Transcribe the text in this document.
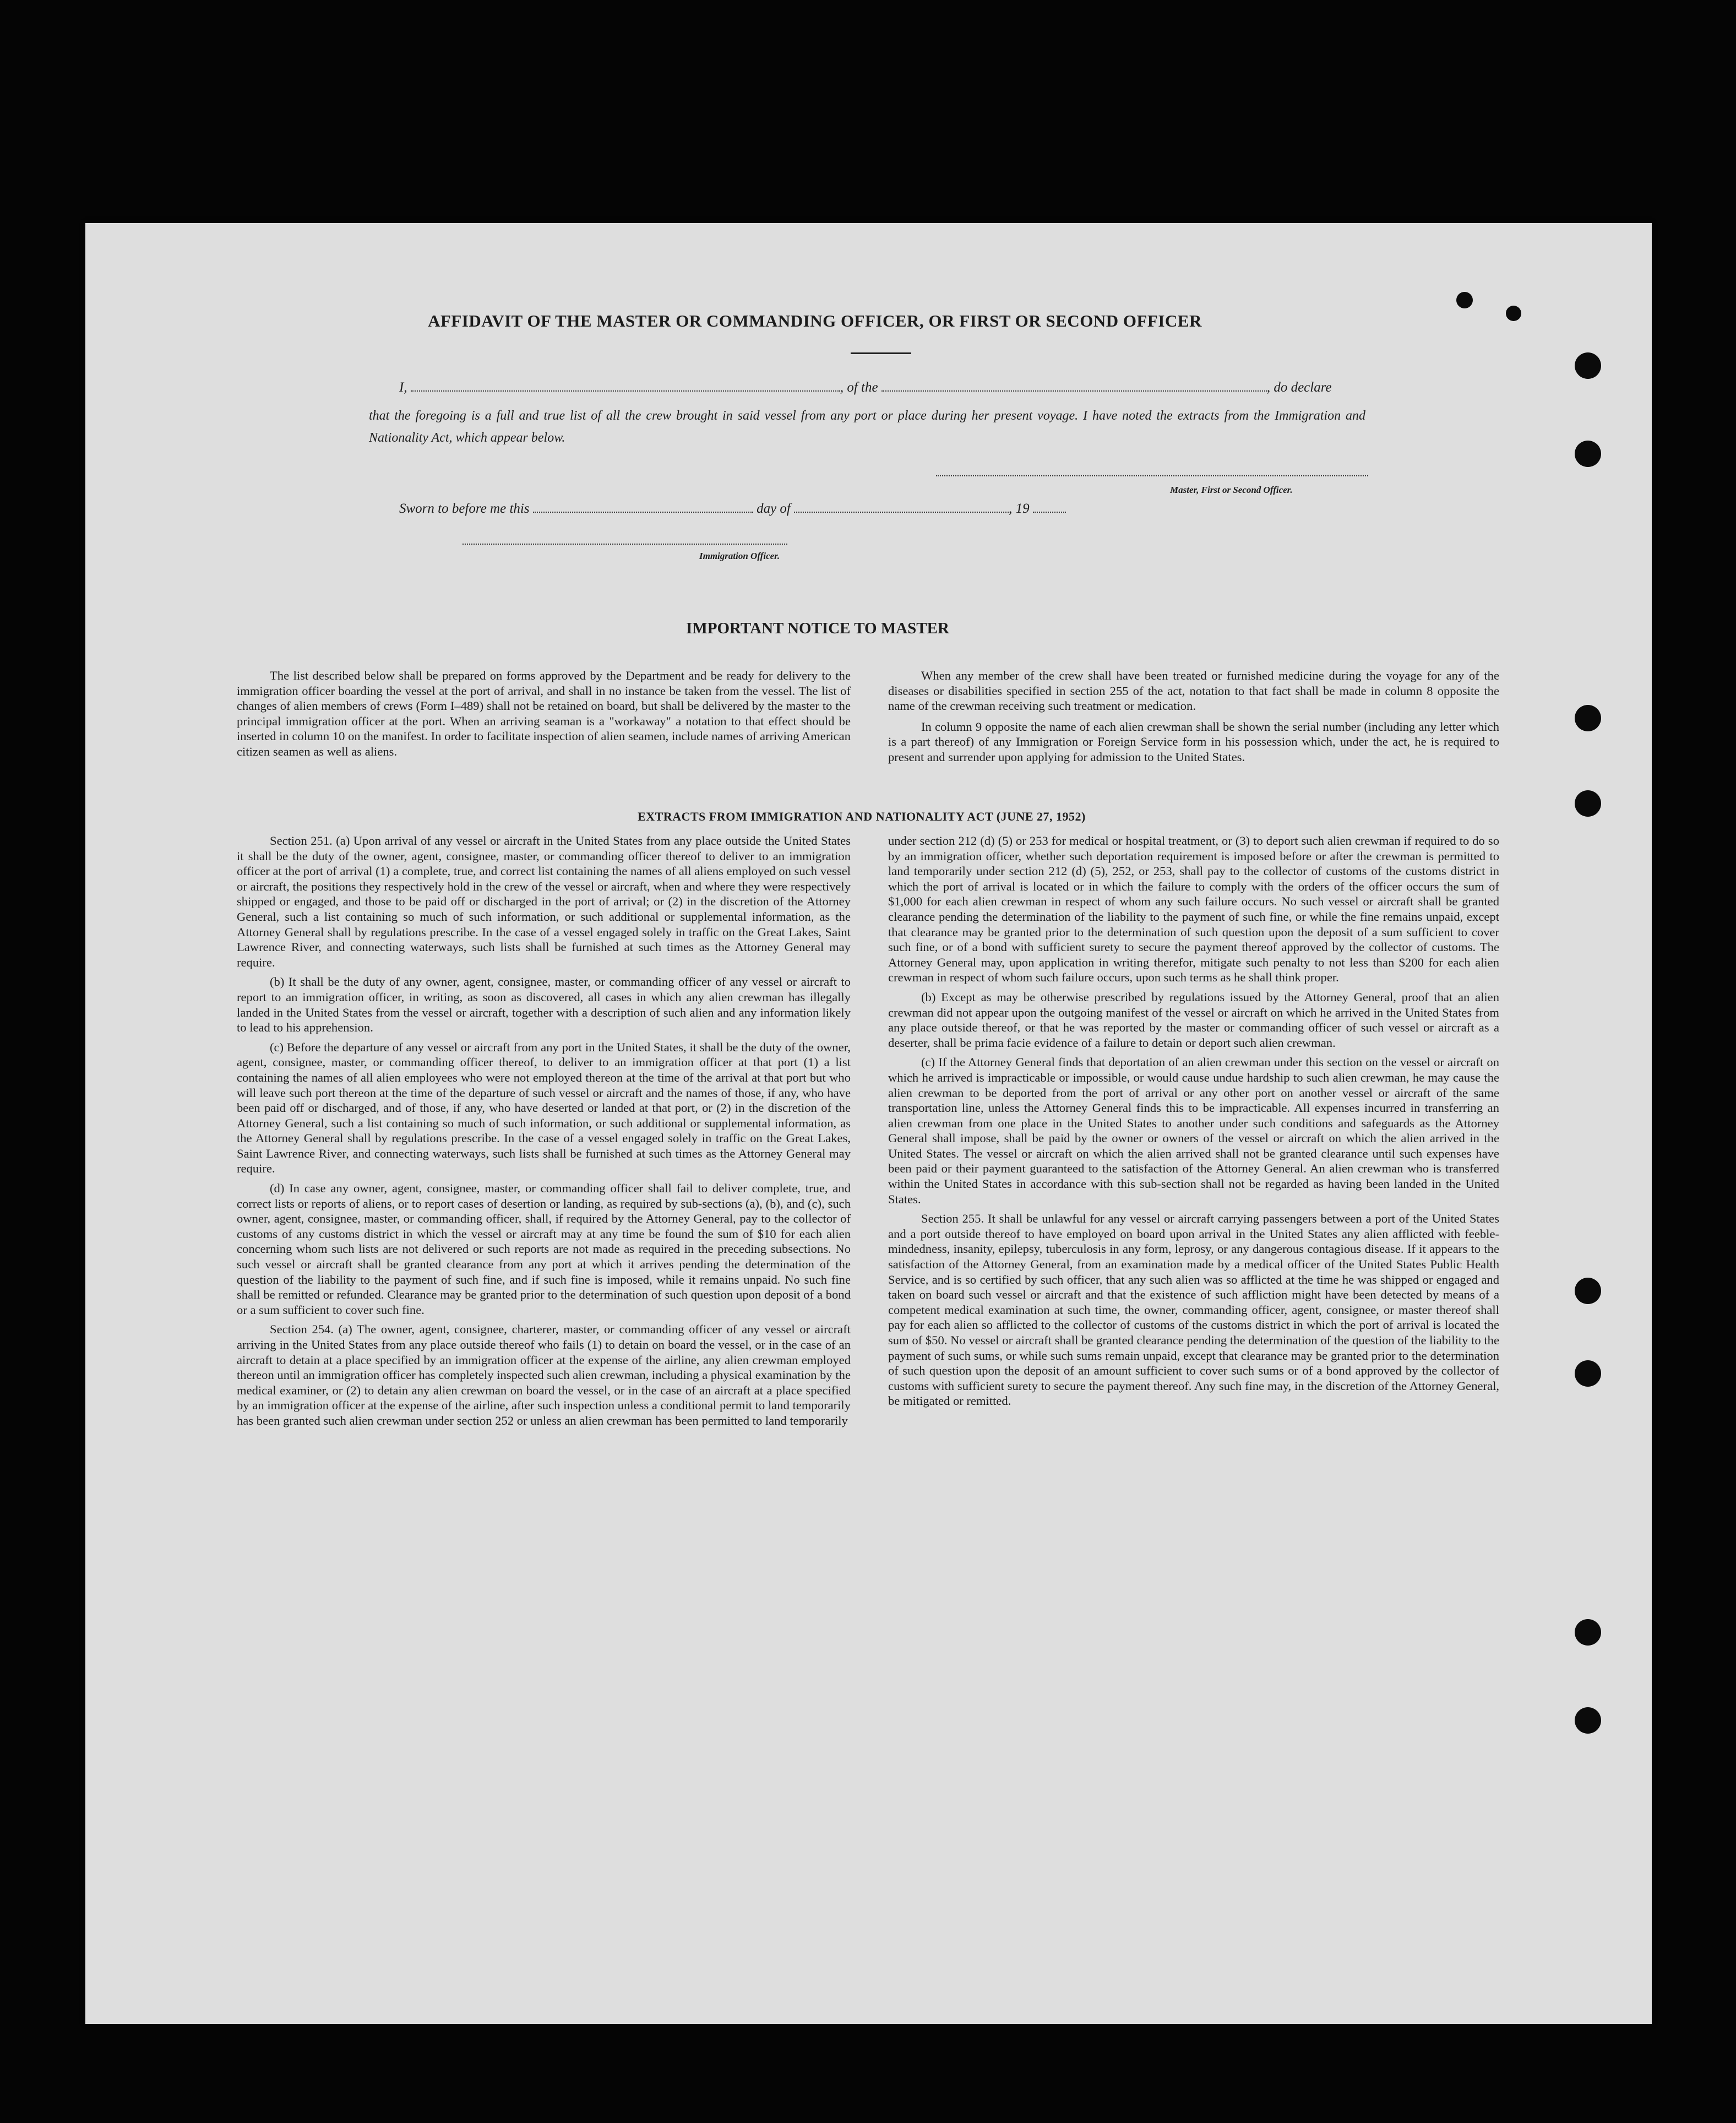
AFFIDAVIT OF THE MASTER OR COMMANDING OFFICER, OR FIRST OR SECOND OFFICER
I,	, of the	, do declare
that the foregoing is a full and true list of all the crew brought in said vessel from any port or place during her present voyage. I have noted the extracts from the Immigration and Nationality Act, which appear below.
Master, First or Second Officer.
Sworn to before me this	day of	, 19
Immigration Officer.
IMPORTANT NOTICE TO MASTER

The list described below shall be prepared on forms approved by the Department and be ready for delivery to the immigration officer boarding the vessel at the port of arrival, and shall in no instance be taken from the vessel. The list of changes of alien members of crews (Form I–489) shall not be retained on board, but shall be delivered by the master to the principal immigration officer at the port. When an arriving seaman is a "workaway" a notation to that effect should be inserted in column 10 on the manifest. In order to facilitate inspection of alien seamen, include names of arriving American citizen seamen as well as aliens.

When any member of the crew shall have been treated or furnished medicine during the voyage for any of the diseases or disabilities specified in section 255 of the act, notation to that fact shall be made in column 8 opposite the name of the crewman receiving such treatment or medication.

In column 9 opposite the name of each alien crewman shall be shown the serial number (including any letter which is a part thereof) of any Immigration or Foreign Service form in his possession which, under the act, he is required to present and surrender upon applying for admission to the United States.

EXTRACTS FROM IMMIGRATION AND NATIONALITY ACT (JUNE 27, 1952)

Section 251. (a) Upon arrival of any vessel or aircraft in the United States from any place outside the United States it shall be the duty of the owner, agent, consignee, master, or commanding officer thereof to deliver to an immigration officer at the port of arrival (1) a complete, true, and correct list containing the names of all aliens employed on such vessel or aircraft, the positions they respectively hold in the crew of the vessel or aircraft, when and where they were respectively shipped or engaged, and those to be paid off or discharged in the port of arrival; or (2) in the discretion of the Attorney General, such a list containing so much of such information, or such additional or supplemental information, as the Attorney General shall by regulations prescribe. In the case of a vessel engaged solely in traffic on the Great Lakes, Saint Lawrence River, and connecting waterways, such lists shall be furnished at such times as the Attorney General may require.

(b) It shall be the duty of any owner, agent, consignee, master, or commanding officer of any vessel or aircraft to report to an immigration officer, in writing, as soon as discovered, all cases in which any alien crewman has illegally landed in the United States from the vessel or aircraft, together with a description of such alien and any information likely to lead to his apprehension.

(c) Before the departure of any vessel or aircraft from any port in the United States, it shall be the duty of the owner, agent, consignee, master, or commanding officer thereof, to deliver to an immigration officer at that port (1) a list containing the names of all alien employees who were not employed thereon at the time of the arrival at that port but who will leave such port thereon at the time of the departure of such vessel or aircraft and the names of those, if any, who have been paid off or discharged, and of those, if any, who have deserted or landed at that port, or (2) in the discretion of the Attorney General, such a list containing so much of such information, or such additional or supplemental information, as the Attorney General shall by regulations prescribe. In the case of a vessel engaged solely in traffic on the Great Lakes, Saint Lawrence River, and connecting waterways, such lists shall be furnished at such times as the Attorney General may require.

(d) In case any owner, agent, consignee, master, or commanding officer shall fail to deliver complete, true, and correct lists or reports of aliens, or to report cases of desertion or landing, as required by sub-sections (a), (b), and (c), such owner, agent, consignee, master, or commanding officer, shall, if required by the Attorney General, pay to the collector of customs of any customs district in which the vessel or aircraft may at any time be found the sum of $10 for each alien concerning whom such lists are not delivered or such reports are not made as required in the preceding subsections. No such vessel or aircraft shall be granted clearance from any port at which it arrives pending the determination of the question of the liability to the payment of such fine, and if such fine is imposed, while it remains unpaid. No such fine shall be remitted or refunded. Clearance may be granted prior to the determination of such question upon deposit of a bond or a sum sufficient to cover such fine.

Section 254. (a) The owner, agent, consignee, charterer, master, or commanding officer of any vessel or aircraft arriving in the United States from any place outside thereof who fails (1) to detain on board the vessel, or in the case of an aircraft to detain at a place specified by an immigration officer at the expense of the airline, any alien crewman employed thereon until an immigration officer has completely inspected such alien crewman, including a physical examination by the medical examiner, or (2) to detain any alien crewman on board the vessel, or in the case of an aircraft at a place specified by an immigration officer at the expense of the airline, after such inspection unless a conditional permit to land temporarily has been granted such alien crewman under section 252 or unless an alien crewman has been permitted to land temporarily

under section 212 (d) (5) or 253 for medical or hospital treatment, or (3) to deport such alien crewman if required to do so by an immigration officer, whether such deportation requirement is imposed before or after the crewman is permitted to land temporarily under section 212 (d) (5), 252, or 253, shall pay to the collector of customs of the customs district in which the port of arrival is located or in which the failure to comply with the orders of the officer occurs the sum of $1,000 for each alien crewman in respect of whom any such failure occurs. No such vessel or aircraft shall be granted clearance pending the determination of the liability to the payment of such fine, or while the fine remains unpaid, except that clearance may be granted prior to the determination of such question upon the deposit of a sum sufficient to cover such fine, or of a bond with sufficient surety to secure the payment thereof approved by the collector of customs. The Attorney General may, upon application in writing therefor, mitigate such penalty to not less than $200 for each alien crewman in respect of whom such failure occurs, upon such terms as he shall think proper.

(b) Except as may be otherwise prescribed by regulations issued by the Attorney General, proof that an alien crewman did not appear upon the outgoing manifest of the vessel or aircraft on which he arrived in the United States from any place outside thereof, or that he was reported by the master or commanding officer of such vessel or aircraft as a deserter, shall be prima facie evidence of a failure to detain or deport such alien crewman.

(c) If the Attorney General finds that deportation of an alien crewman under this section on the vessel or aircraft on which he arrived is impracticable or impossible, or would cause undue hardship to such alien crewman, he may cause the alien crewman to be deported from the port of arrival or any other port on another vessel or aircraft of the same transportation line, unless the Attorney General finds this to be impracticable. All expenses incurred in transferring an alien crewman from one place in the United States to another under such conditions and safeguards as the Attorney General shall impose, shall be paid by the owner or owners of the vessel or aircraft on which the alien arrived in the United States. The vessel or aircraft on which the alien arrived shall not be granted clearance until such expenses have been paid or their payment guaranteed to the satisfaction of the Attorney General. An alien crewman who is transferred within the United States in accordance with this sub-section shall not be regarded as having been landed in the United States.

Section 255. It shall be unlawful for any vessel or aircraft carrying passengers between a port of the United States and a port outside thereof to have employed on board upon arrival in the United States any alien afflicted with feeble-mindedness, insanity, epilepsy, tuberculosis in any form, leprosy, or any dangerous contagious disease. If it appears to the satisfaction of the Attorney General, from an examination made by a medical officer of the United States Public Health Service, and is so certified by such officer, that any such alien was so afflicted at the time he was shipped or engaged and taken on board such vessel or aircraft and that the existence of such affliction might have been detected by means of a competent medical examination at such time, the owner, commanding officer, agent, consignee, or master thereof shall pay for each alien so afflicted to the collector of customs of the customs district in which the port of arrival is located the sum of $50. No vessel or aircraft shall be granted clearance pending the determination of the question of the liability to the payment of such sums, or while such sums remain unpaid, except that clearance may be granted prior to the determination of such question upon the deposit of an amount sufficient to cover such sums or of a bond approved by the collector of customs with sufficient surety to secure the payment thereof. Any such fine may, in the discretion of the Attorney General, be mitigated or remitted.
